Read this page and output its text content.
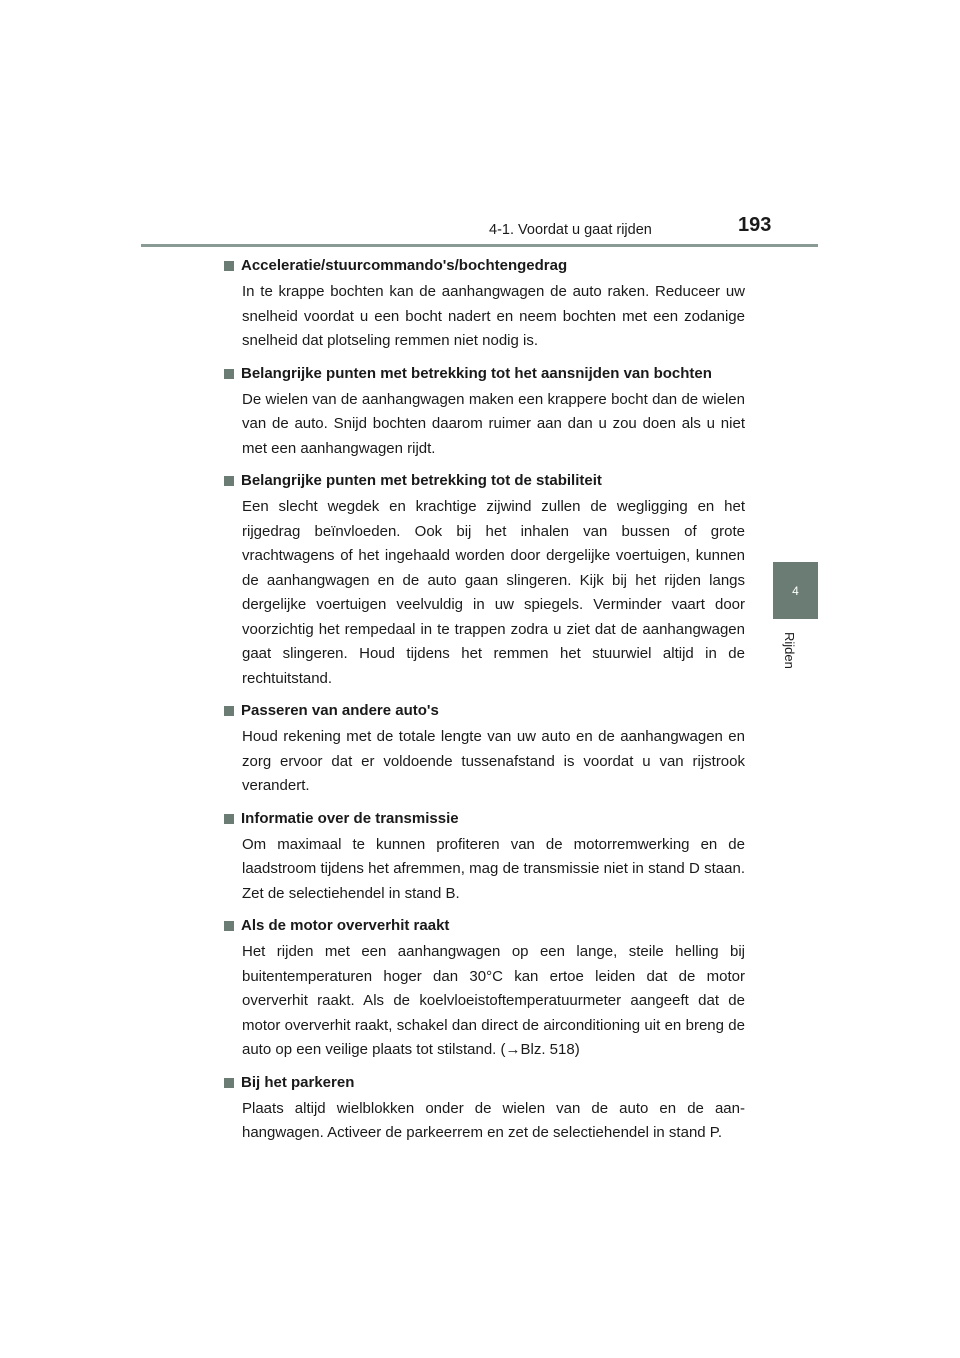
4-1. Voordat u gaat rijden	193
4
Rijden
Acceleratie/stuurcommando's/bochtengedrag
In te krappe bochten kan de aanhangwagen de auto raken. Reduceer uw snelheid voordat u een bocht nadert en neem bochten met een zodanige snelheid dat plotseling remmen niet nodig is.
Belangrijke punten met betrekking tot het aansnijden van bochten
De wielen van de aanhangwagen maken een krappere bocht dan de wielen van de auto. Snijd bochten daarom ruimer aan dan u zou doen als u niet met een aanhangwagen rijdt.
Belangrijke punten met betrekking tot de stabiliteit
Een slecht wegdek en krachtige zijwind zullen de wegligging en het rijgedrag beïnvloeden. Ook bij het inhalen van bussen of grote vrachtwagens of het ingehaald worden door dergelijke voertuigen, kunnen de aanhangwagen en de auto gaan slingeren. Kijk bij het rijden langs dergelijke voertuigen veelvuldig in uw spiegels. Verminder vaart door voorzichtig het rempedaal in te trappen zodra u ziet dat de aanhangwagen gaat slingeren. Houd tijdens het remmen het stuurwiel altijd in de rechtuitstand.
Passeren van andere auto's
Houd rekening met de totale lengte van uw auto en de aanhangwagen en zorg ervoor dat er voldoende tussenafstand is voordat u van rijstrook verandert.
Informatie over de transmissie
Om maximaal te kunnen profiteren van de motorremwerking en de laadstroom tijdens het afremmen, mag de transmissie niet in stand D staan. Zet de selectiehendel in stand B.
Als de motor oververhit raakt
Het rijden met een aanhangwagen op een lange, steile helling bij buitentemperaturen hoger dan 30°C kan ertoe leiden dat de motor oververhit raakt. Als de koelvloeistoftemperatuurmeter aangeeft dat de motor oververhit raakt, schakel dan direct de airconditioning uit en breng de auto op een veilige plaats tot stilstand. (→Blz. 518)
Bij het parkeren
Plaats altijd wielblokken onder de wielen van de auto en de aanhangwagen. Activeer de parkeerrem en zet de selectiehendel in stand P.
